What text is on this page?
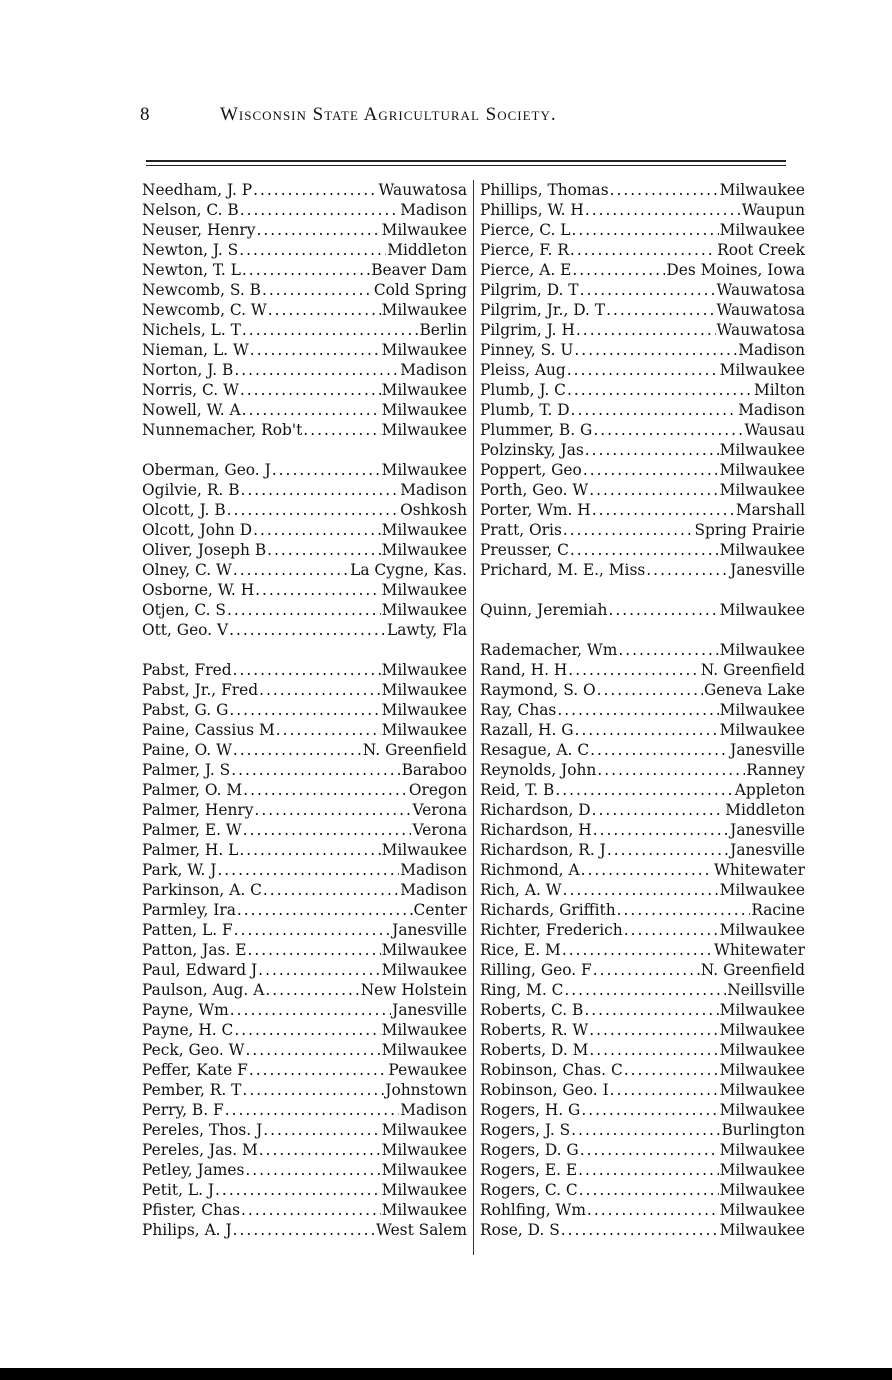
8	Wisconsin State Agricultural Society.
Needham, J. P .....	Wauwatosa
Nelson, C. B .....	Madison
Neuser, Henry .....	Milwaukee
Newton, J. S .....	Middleton
Newton, T. L .....	Beaver Dam
Newcomb, S. B .....	Cold Spring
Newcomb, C. W .....	Milwaukee
Nichels, L. T .....	Berlin
Nieman, L. W .....	Milwaukee
Norton, J. B .....	Madison
Norris, C. W .....	Milwaukee
Nowell, W. A .....	Milwaukee
Nunnemacher, Rob't .....	Milwaukee
Oberman, Geo. J .....	Milwaukee
Ogilvie, R. B .....	Madison
Olcott, J. B .....	Oshkosh
Olcott, John D .....	Milwaukee
Oliver, Joseph B .....	Milwaukee
Olney, C. W .....	La Cygne, Kas.
Osborne, W. H .....	Milwaukee
Otjen, C. S .....	Milwaukee
Ott, Geo. V .....	Lawty, Fla
Pabst, Fred .....	Milwaukee
Pabst, Jr., Fred .....	Milwaukee
Pabst, G. G .....	Milwaukee
Paine, Cassius M .....	Milwaukee
Paine, O. W .....	N. Greenfield
Palmer, J. S .....	Baraboo
Palmer, O. M .....	Oregon
Palmer, Henry .....	Verona
Palmer, E. W .....	Verona
Palmer, H. L .....	Milwaukee
Park, W. J .....	Madison
Parkinson, A. C .....	Madison
Parmley, Ira .....	Center
Patten, L. F .....	Janesville
Patton, Jas. E .....	Milwaukee
Paul, Edward J .....	Milwaukee
Paulson, Aug. A .....	New Holstein
Payne, Wm .....	Janesville
Payne, H. C .....	Milwaukee
Peck, Geo. W .....	Milwaukee
Peffer, Kate F .....	Pewaukee
Pember, R. T .....	Johnstown
Perry, B. F .....	Madison
Pereles, Thos. J .....	Milwaukee
Pereles, Jas. M .....	Milwaukee
Petley, James .....	Milwaukee
Petit, L. J .....	Milwaukee
Pfister, Chas .....	Milwaukee
Philips, A. J .....	West Salem
Phillips, Thomas .....	Milwaukee
Phillips, W. H .....	Waupun
Pierce, C. L .....	Milwaukee
Pierce, F. R .....	Root Creek
Pierce, A. E .....	Des Moines, Iowa
Pilgrim, D. T .....	Wauwatosa
Pilgrim, Jr., D. T .....	Wauwatosa
Pilgrim, J. H .....	Wauwatosa
Pinney, S. U .....	Madison
Pleiss, Aug .....	Milwaukee
Plumb, J. C .....	Milton
Plumb, T. D .....	Madison
Plummer, B. G .....	Wausau
Polzinsky, Jas .....	Milwaukee
Poppert, Geo .....	Milwaukee
Porth, Geo. W .....	Milwaukee
Porter, Wm. H .....	Marshall
Pratt, Oris .....	Spring Prairie
Preusser, C .....	Milwaukee
Prichard, M. E., Miss .....	Janesville
Quinn, Jeremiah .....	Milwaukee
Rademacher, Wm .....	Milwaukee
Rand, H. H .....	N. Greenfield
Raymond, S. O .....	Geneva Lake
Ray, Chas .....	Milwaukee
Razall, H. G .....	Milwaukee
Resague, A. C .....	Janesville
Reynolds, John .....	Ranney
Reid, T. B .....	Appleton
Richardson, D .....	Middleton
Richardson, H .....	Janesville
Richardson, R. J .....	Janesville
Richmond, A .....	Whitewater
Rich, A. W .....	Milwaukee
Richards, Griffith .....	Racine
Richter, Frederich .....	Milwaukee
Rice, E. M .....	Whitewater
Rilling, Geo. F .....	N. Greenfield
Ring, M. C .....	Neillsville
Roberts, C. B .....	Milwaukee
Roberts, R. W .....	Milwaukee
Roberts, D. M .....	Milwaukee
Robinson, Chas. C .....	Milwaukee
Robinson, Geo. I .....	Milwaukee
Rogers, H. G .....	Milwaukee
Rogers, J. S .....	Burlington
Rogers, D. G .....	Milwaukee
Rogers, E. E .....	Milwaukee
Rogers, C. C .....	Milwaukee
Rohlfing, Wm .....	Milwaukee
Rose, D. S .....	Milwaukee
